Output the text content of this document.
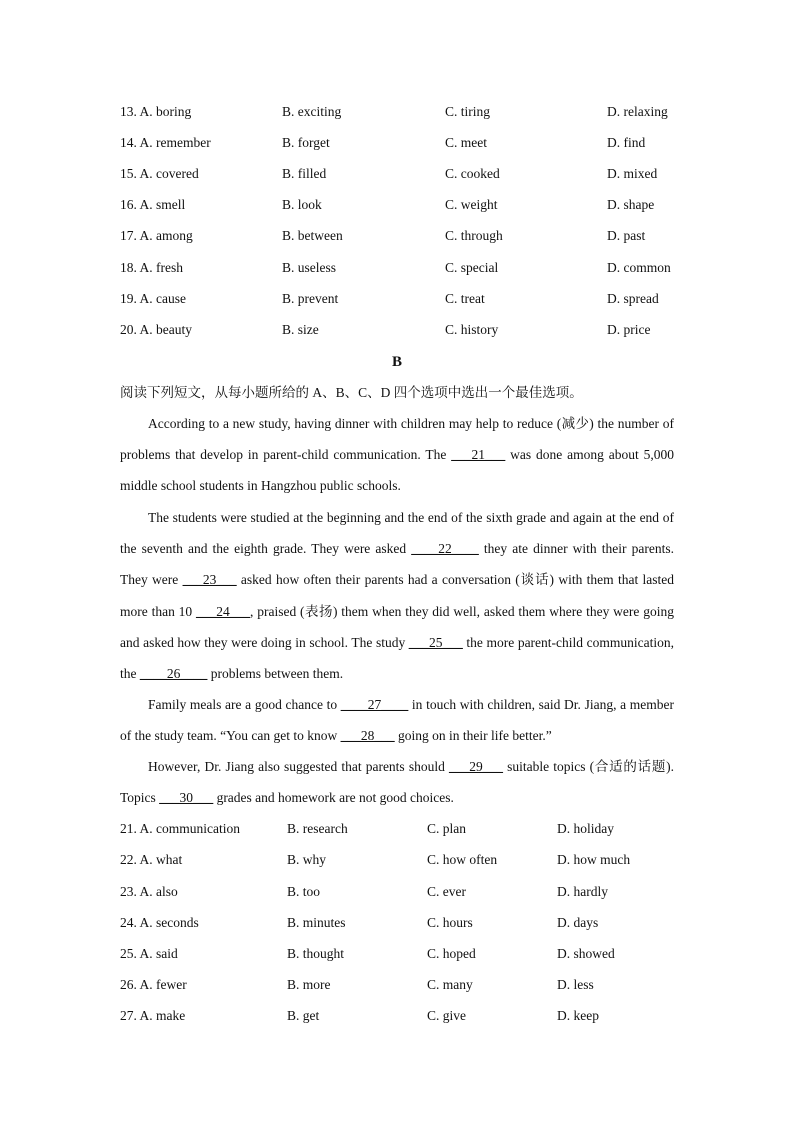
13. A. boring	B. exciting	C. tiring	D. relaxing
14. A. remember	B. forget	C. meet	D. find
15. A. covered	B. filled	C. cooked	D. mixed
16. A. smell	B. look	C. weight	D. shape
17. A. among	B. between	C. through	D. past
18. A. fresh	B. useless	C. special	D. common
19. A. cause	B. prevent	C. treat	D. spread
20. A. beauty	B. size	C. history	D. price
B
阅读下列短文，从每小题所给的 A、B、C、D 四个选项中选出一个最佳选项。
According to a new study, having dinner with children may help to reduce (减少) the number of problems that develop in parent-child communication. The ___21___ was done among about 5,000 middle school students in Hangzhou public schools.
The students were studied at the beginning and the end of the sixth grade and again at the end of the seventh and the eighth grade. They were asked ____22____ they ate dinner with their parents. They were ___23___ asked how often their parents had a conversation (谈话) with them that lasted more than 10 ___24___, praised (表扬) them when they did well, asked them where they were going and asked how they were doing in school. The study ___25___ the more parent-child communication, the ____26____ problems between them.
Family meals are a good chance to ____27____ in touch with children, said Dr. Jiang, a member of the study team. “You can get to know ___28___ going on in their life better.”
However, Dr. Jiang also suggested that parents should ___29___ suitable topics (合适的话题). Topics ___30___ grades and homework are not good choices.
21. A. communication	B. research	C. plan	D. holiday
22. A. what	B. why	C. how often	D. how much
23. A. also	B. too	C. ever	D. hardly
24. A. seconds	B. minutes	C. hours	D. days
25. A. said	B. thought	C. hoped	D. showed
26. A. fewer	B. more	C. many	D. less
27. A. make	B. get	C. give	D. keep
